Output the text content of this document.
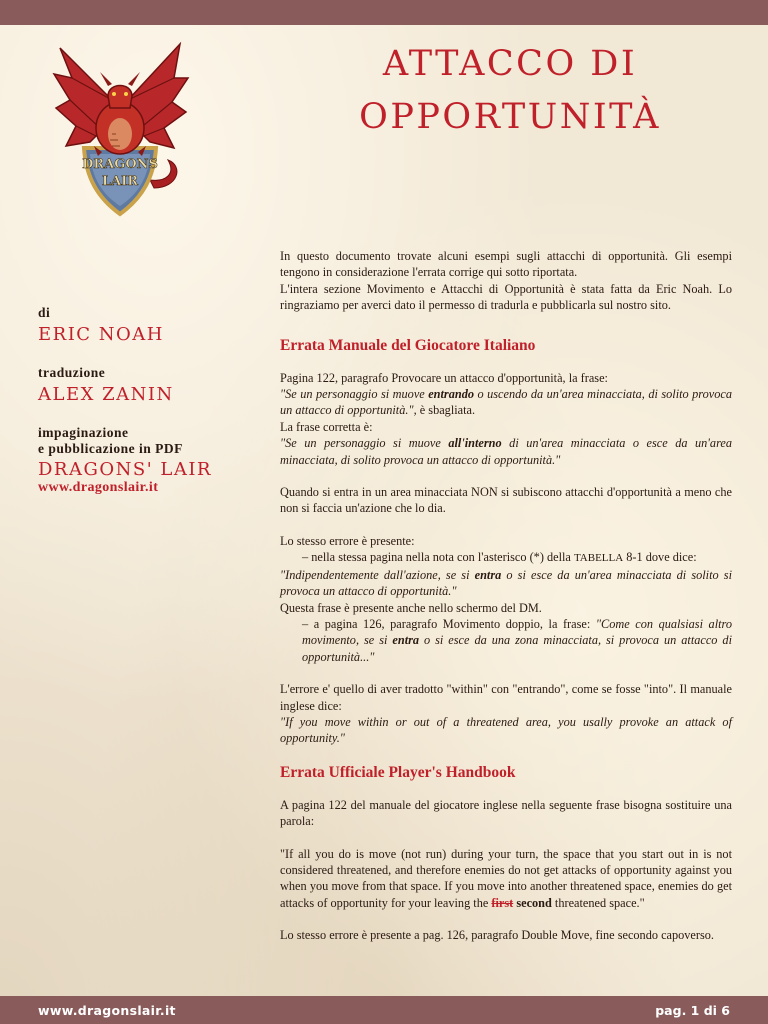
DRAGONS
LAIR
ATTACCO DI
OPPORTUNITÀ
di
ERIC NOAH
traduzione
ALEX ZANIN
impaginazione
e pubblicazione in PDF
DRAGONS' LAIR
www.dragonslair.it

In questo documento trovate alcuni esempi sugli attacchi di opportunità. Gli esempi tengono in considerazione l'errata corrige qui sotto riportata.

L'intera sezione Movimento e Attacchi di Opportunità è stata fatta da Eric Noah. Lo ringraziamo per averci dato il permesso di tradurla e pubblicarla sul nostro sito.

Errata Manuale del Giocatore Italiano

Pagina 122, paragrafo Provocare un attacco d'opportunità, la frase:

"Se un personaggio si muove entrando o uscendo da un'area minacciata, di solito provoca un attacco di opportunità.", è sbagliata.

La frase corretta è:

"Se un personaggio si muove all'interno di un'area minacciata o esce da un'area minacciata, di solito provoca un attacco di opportunità."

Quando si entra in un area minacciata NON si subiscono attacchi d'opportunità a meno che non si faccia un'azione che lo dia.

Lo stesso errore è presente:

– nella stessa pagina nella nota con l'asterisco (*) della TABELLA 8-1 dove dice:

"Indipendentemente dall'azione, se si entra o si esce da un'area minacciata di solito si provoca un attacco di opportunità."

Questa frase è presente anche nello schermo del DM.

– a pagina 126, paragrafo Movimento doppio, la frase: "Come con qualsiasi altro movimento, se si entra o si esce da una zona minacciata, si provoca un attacco di opportunità..."

L'errore e' quello di aver tradotto "within" con "entrando", come se fosse "into". Il manuale inglese dice:

"If you move within or out of a threatened area, you usally provoke an attack of opportunity."

Errata Ufficiale Player's Handbook

A pagina 122 del manuale del giocatore inglese nella seguente frase bisogna sostituire una parola:

"If all you do is move (not run) during your turn, the space that you start out in is not considered threatened, and therefore enemies do not get attacks of opportunity against you when you move from that space. If you move into another threatened space, enemies do get attacks of opportunity for your leaving the first second threatened space."

Lo stesso errore è presente a pag. 126, paragrafo Double Move, fine secondo capoverso.

www.dragonslair.it	pag. 1 di 6
